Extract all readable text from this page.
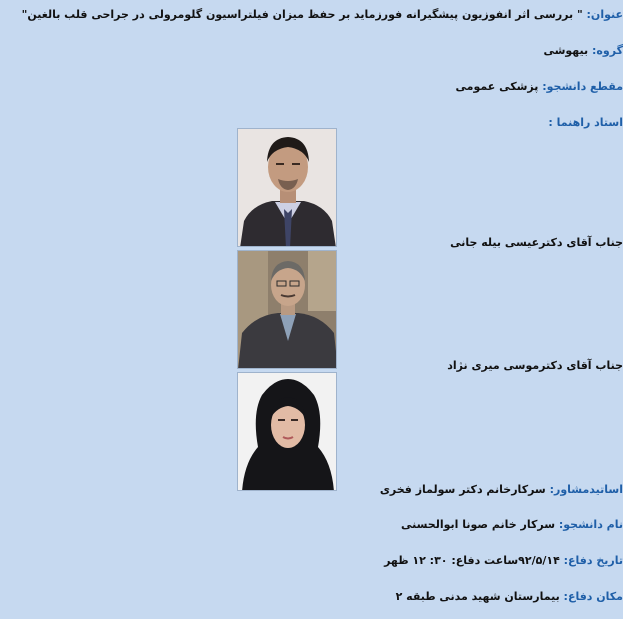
عنوان: " بررسی اثر انفوزیون پیشگیرانه فورزماید بر حفظ میزان فیلتراسیون گلومرولی در جراحی قلب بالغین"
گروه: بیهوشی
مقطع دانشجو: پزشکی عمومی
استاد راهنما :
جناب آقای دکترعیسی بیله جانی
جناب آقای دکترموسی میری نژاد
اساتیدمشاور: سرکارخانم دکتر سولماز فخری
نام دانشجو: سرکار خانم صونا ابوالحسنی
تاریخ دفاع: ۹۲/۵/۱۴ساعت دفاع: ۳۰: ۱۲ ظهر
مکان دفاع: بیمارستان شهید مدنی طبقه ۲
